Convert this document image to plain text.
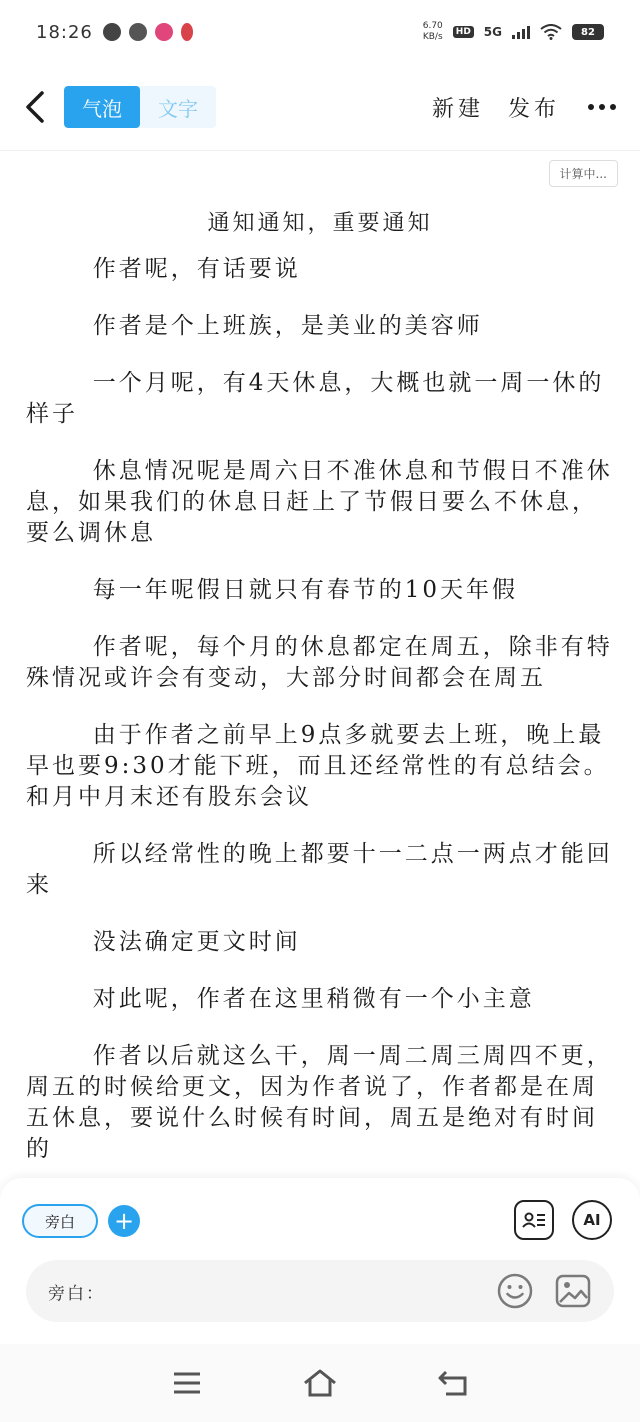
18:26	6.70
KB/s	HD 5G	82
气泡	文字	新建 发布
计算中...
通知通知，重要通知

作者呢，有话要说

作者是个上班族，是美业的美容师

一个月呢，有4天休息，大概也就一周一休的样子

休息情况呢是周六日不准休息和节假日不准休息，如果我们的休息日赶上了节假日要么不休息，要么调休息

每一年呢假日就只有春节的10天年假

作者呢，每个月的休息都定在周五，除非有特殊情况或许会有变动，大部分时间都会在周五

由于作者之前早上9点多就要去上班，晚上最早也要9:30才能下班，而且还经常性的有总结会。和月中月末还有股东会议

所以经常性的晚上都要十一二点一两点才能回来

没法确定更文时间

对此呢，作者在这里稍微有一个小主意

作者以后就这么干，周一周二周三周四不更，周五的时候给更文，因为作者说了，作者都是在周五休息，要说什么时候有时间，周五是绝对有时间的

旁白	+	AI
旁白：
